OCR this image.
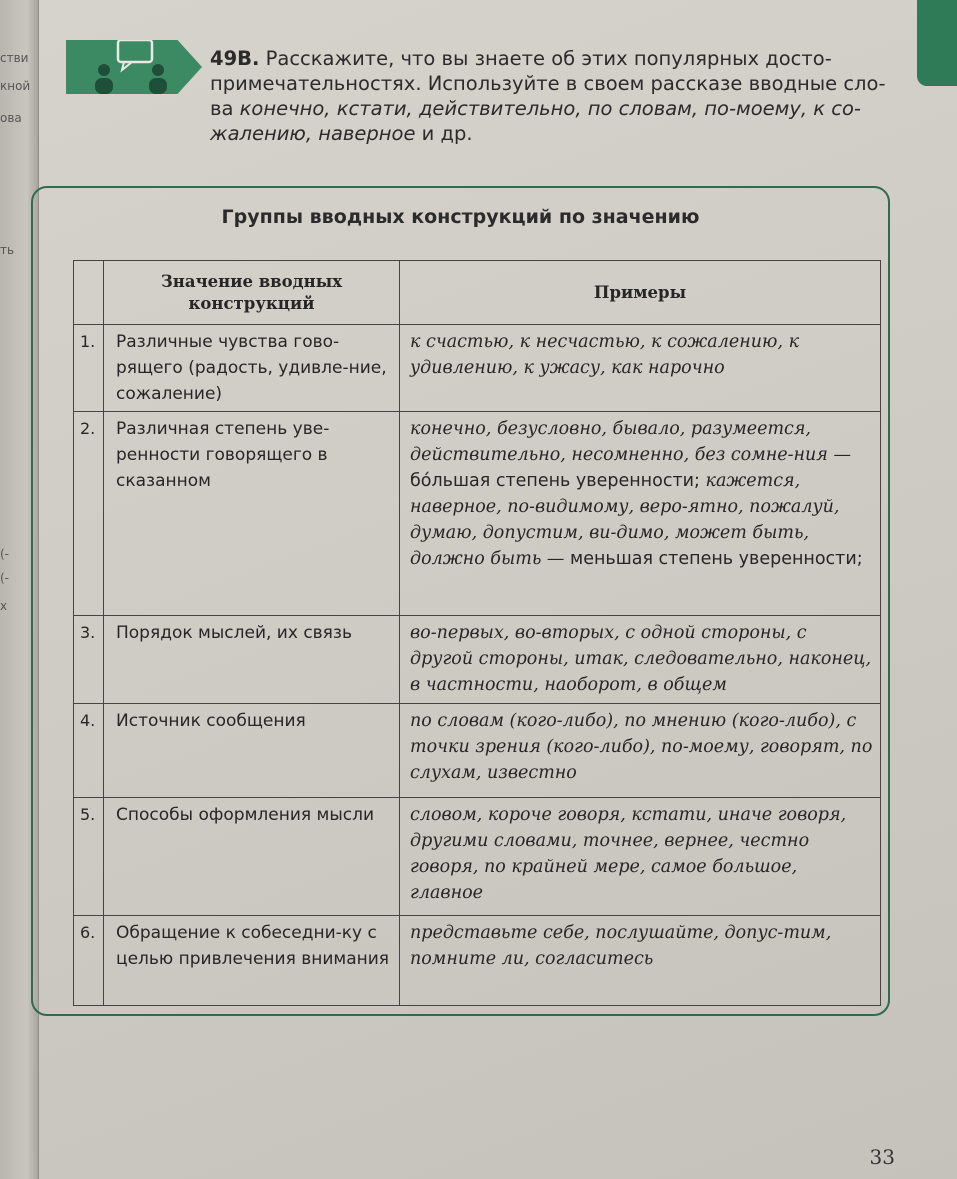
стви
кной
ова
ть
(-
(-
х
49B. Расскажите, что вы знаете об этих популярных досто-примечательностях. Используйте в своем рассказе вводные сло-ва конечно, кстати, действительно, по словам, по-моему, к со-жалению, наверное и др.
Группы вводных конструкций по значению
	Значение вводных конструкций	Примеры
1.	Различные чувства гово-рящего (радость, удивле-ние, сожаление)	к счастью, к несчастью, к сожалению, к удивлению, к ужасу, как нарочно
2.	Различная степень уве-ренности говорящего в сказанном	конечно, безусловно, бывало, разумеется, действительно, несомненно, без сомне-ния — бóльшая степень уверенности; кажется, наверное, по-видимому, веро-ятно, пожалуй, думаю, допустим, ви-димо, может быть, должно быть — меньшая степень уверенности;
3.	Порядок мыслей, их связь	во-первых, во-вторых, с одной стороны, с другой стороны, итак, следовательно, наконец, в частности, наоборот, в общем
4.	Источник сообщения	по словам (кого-либо), по мнению (кого-либо), с точки зрения (кого-либо), по-моему, говорят, по слухам, известно
5.	Способы оформления мысли	словом, короче говоря, кстати, иначе говоря, другими словами, точнее, вернее, честно говоря, по крайней мере, самое большое, главное
6.	Обращение к собеседни-ку с целью привлечения внимания	представьте себе, послушайте, допус-тим, помните ли, согласитесь
33
